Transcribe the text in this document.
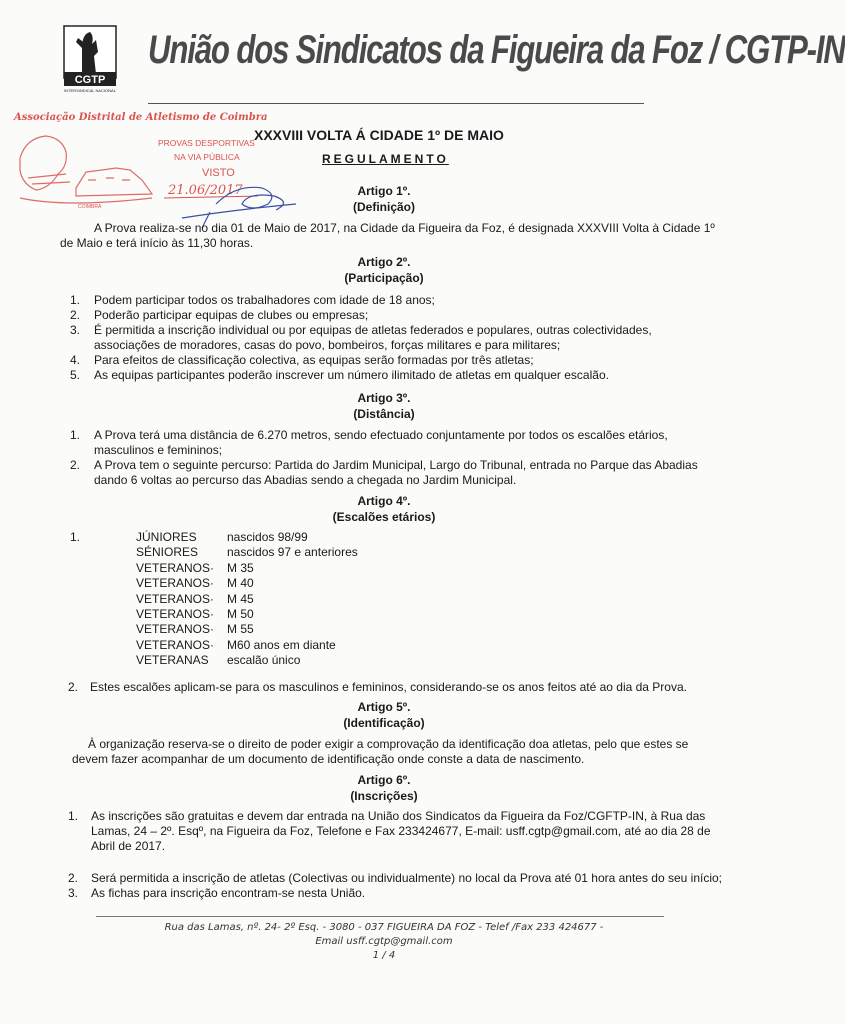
CGTP
INTERSINDICAL NACIONAL
União dos Sindicatos da Figueira da Foz / CGTP-IN
Associação Distrital de Atletismo de Coimbra
PROVAS DESPORTIVAS
NA VIA PÚBLICA
VISTO
21.06/2017
COIMBRA
XXXVIII VOLTA Á CIDADE 1º DE MAIO
REGULAMENTO
Artigo 1º.
(Definição)
A Prova realiza-se no dia 01 de Maio de 2017, na Cidade da Figueira da Foz, é designada XXXVIII Volta à Cidade 1º de Maio e terá início às 11,30 horas.
Artigo 2º.
(Participação)
1. Podem participar todos os trabalhadores com idade de 18 anos;
2. Poderão participar equipas de clubes ou empresas;
3. É permitida a inscrição individual ou por equipas de atletas federados e populares, outras colectividades, associações de moradores, casas do povo, bombeiros, forças militares e para militares;
4. Para efeitos de classificação colectiva, as equipas serão formadas por três atletas;
5. As equipas participantes poderão inscrever um número ilimitado de atletas em qualquer escalão.
Artigo 3º.
(Distância)
1. A Prova terá uma distância de 6.270 metros, sendo efectuado conjuntamente por todos os escalões etários, masculinos e femininos;
2. A Prova tem o seguinte percurso: Partida do Jardim Municipal, Largo do Tribunal, entrada no Parque das Abadias dando 6 voltas ao percurso das Abadias sendo a chegada no Jardim Municipal.
Artigo 4º.
(Escalões etários)
1.	JÚNIORES	nascidos 98/99
SÉNIORES	nascidos 97 e anteriores
VETERANOS·	M 35
VETERANOS·	M 40
VETERANOS·	M 45
VETERANOS·	M 50
VETERANOS·	M 55
VETERANOS·	M60 anos em diante
VETERANAS	escalão único
2. Estes escalões aplicam-se para os masculinos e femininos, considerando-se os anos feitos até ao dia da Prova.
Artigo 5º.
(Identificação)
À organização reserva-se o direito de poder exigir a comprovação da identificação doa atletas, pelo que estes se devem fazer acompanhar de um documento de identificação onde conste a data de nascimento.
Artigo 6º.
(Inscrições)
1. As inscrições são gratuitas e devem dar entrada na União dos Sindicatos da Figueira da Foz/CGFTP-IN, à Rua das Lamas, 24 – 2º. Esqº, na Figueira da Foz, Telefone e Fax 233424677, E-mail: usff.cgtp@gmail.com, até ao dia 28 de Abril de 2017.
2. Será permitida a inscrição de atletas (Colectivas ou individualmente) no local da Prova até 01 hora antes do seu início;
3. As fichas para inscrição encontram-se nesta União.
Rua das Lamas, nº. 24- 2º Esq. - 3080 - 037 FIGUEIRA DA FOZ - Telef /Fax 233 424677 -
Email usff.cgtp@gmail.com
1 / 4
